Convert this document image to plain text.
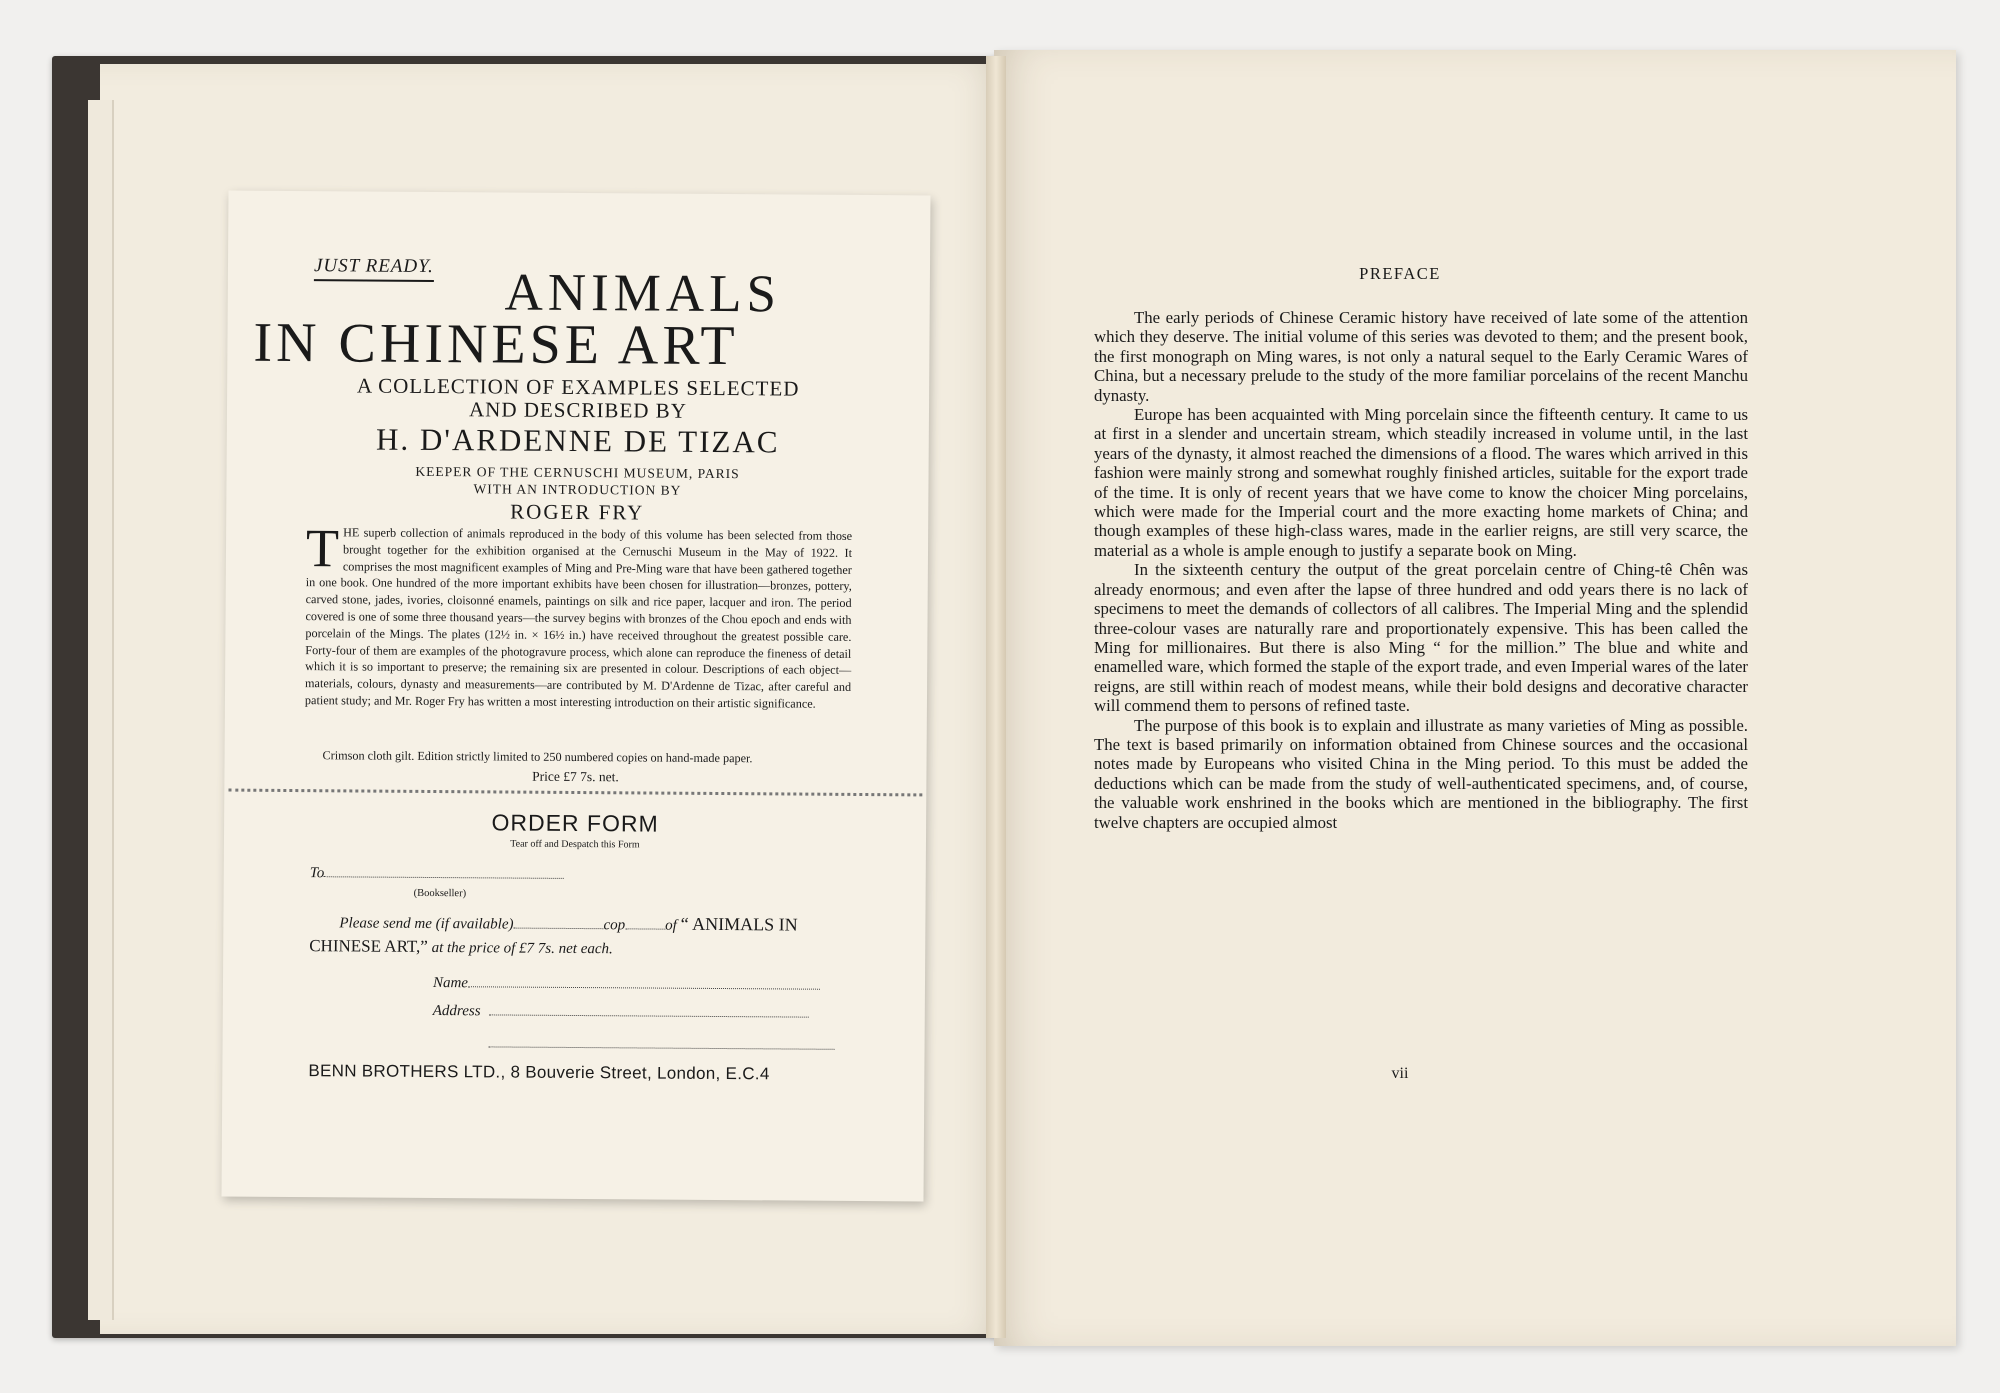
JUST READY.	ANIMALS
IN CHINESE ART
A COLLECTION OF EXAMPLES SELECTED
AND DESCRIBED BY
H. D'ARDENNE DE TIZAC
KEEPER OF THE CERNUSCHI MUSEUM, PARIS
WITH AN INTRODUCTION BY
ROGER FRY
THE superb collection of animals reproduced in the body of this volume has been selected from those brought together for the exhibition organised at the Cernuschi Museum in the May of 1922. It comprises the most magnificent examples of Ming and Pre-Ming ware that have been gathered together in one book. One hundred of the more important exhibits have been chosen for illustration—bronzes, pottery, carved stone, jades, ivories, cloisonné enamels, paintings on silk and rice paper, lacquer and iron. The period covered is one of some three thousand years—the survey begins with bronzes of the Chou epoch and ends with porcelain of the Mings. The plates (12½ in. × 16½ in.) have received throughout the greatest possible care. Forty-four of them are examples of the photogravure process, which alone can reproduce the fineness of detail which it is so important to preserve; the remaining six are presented in colour. Descriptions of each object—materials, colours, dynasty and measurements—are contributed by M. D'Ardenne de Tizac, after careful and patient study; and Mr. Roger Fry has written a most interesting introduction on their artistic significance.
Crimson cloth gilt. Edition strictly limited to 250 numbered copies on hand-made paper.
Price £7 7s. net.
ORDER FORM
Tear off and Despatch this Form
To
(Bookseller)
Please send me (if available)	cop	of “ ANIMALS IN
CHINESE ART,” at the price of £7 7s. net each.
Name
Address
BENN BROTHERS LTD., 8 Bouverie Street, London, E.C.4
PREFACE

The early periods of Chinese Ceramic history have received of late some of the attention which they deserve. The initial volume of this series was devoted to them; and the present book, the first monograph on Ming wares, is not only a natural sequel to the Early Ceramic Wares of China, but a necessary prelude to the study of the more familiar porcelains of the recent Manchu dynasty.

Europe has been acquainted with Ming porcelain since the fifteenth century. It came to us at first in a slender and uncertain stream, which steadily increased in volume until, in the last years of the dynasty, it almost reached the dimensions of a flood. The wares which arrived in this fashion were mainly strong and somewhat roughly finished articles, suitable for the export trade of the time. It is only of recent years that we have come to know the choicer Ming porcelains, which were made for the Imperial court and the more exacting home markets of China; and though examples of these high-class wares, made in the earlier reigns, are still very scarce, the material as a whole is ample enough to justify a separate book on Ming.

In the sixteenth century the output of the great porcelain centre of Ching-tê Chên was already enormous; and even after the lapse of three hundred and odd years there is no lack of specimens to meet the demands of collectors of all calibres. The Imperial Ming and the splendid three-colour vases are naturally rare and proportionately expensive. This has been called the Ming for millionaires. But there is also Ming “ for the million.” The blue and white and enamelled ware, which formed the staple of the export trade, and even Imperial wares of the later reigns, are still within reach of modest means, while their bold designs and decorative character will commend them to persons of refined taste.

The purpose of this book is to explain and illustrate as many varieties of Ming as possible. The text is based primarily on information obtained from Chinese sources and the occasional notes made by Europeans who visited China in the Ming period. To this must be added the deductions which can be made from the study of well-authenticated specimens, and, of course, the valuable work enshrined in the books which are mentioned in the bibliography. The first twelve chapters are occupied almost

vii
